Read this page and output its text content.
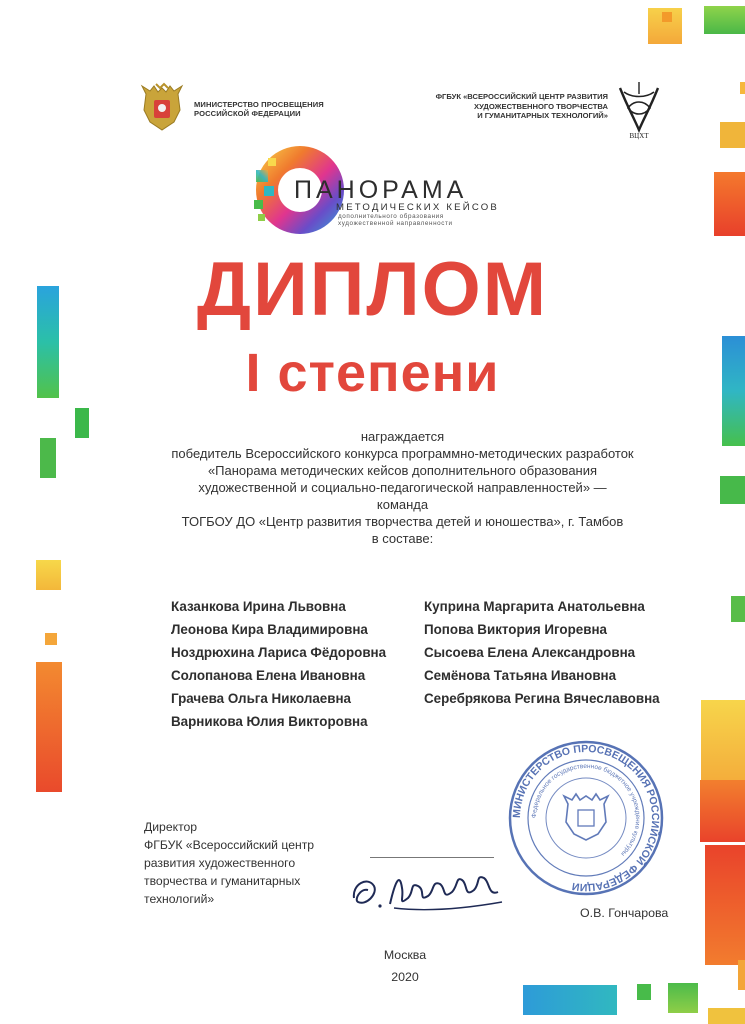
МИНИСТЕРСТВО ПРОСВЕЩЕНИЯ
РОССИЙСКОЙ ФЕДЕРАЦИИ
ФГБУК «ВСЕРОССИЙСКИЙ ЦЕНТР РАЗВИТИЯ
ХУДОЖЕСТВЕННОГО ТВОРЧЕСТВА
И ГУМАНИТАРНЫХ ТЕХНОЛОГИЙ»
ВЦХТ
ПАНОРАМА
МЕТОДИЧЕСКИХ КЕЙСОВ
дополнительного образования
художественной направленности
ДИПЛОМ
I степени
награждается
победитель Всероссийского конкурса программно-методических разработок
«Панорама методических кейсов дополнительного образования
художественной и социально-педагогической направленностей» —
команда
ТОГБОУ ДО «Центр развития творчества детей и юношества», г. Тамбов
в составе:
Казанкова Ирина Львовна
Леонова Кира Владимировна
Ноздрюхина Лариса Фёдоровна
Солопанова Елена Ивановна
Грачева Ольга Николаевна
Варникова Юлия Викторовна
Куприна Маргарита Анатольевна
Попова Виктория Игоревна
Сысоева Елена Александровна
Семёнова Татьяна Ивановна
Серебрякова Регина Вячеславовна
МИНИСТЕРСТВО ПРОСВЕЩЕНИЯ РОССИЙСКОЙ ФЕДЕРАЦИИ
Федеральное государственное бюджетное учреждение культуры
Директор
ФГБУК «Всероссийский центр
развития художественного
творчества и гуманитарных
технологий»
О.В. Гончарова
Москва
2020
